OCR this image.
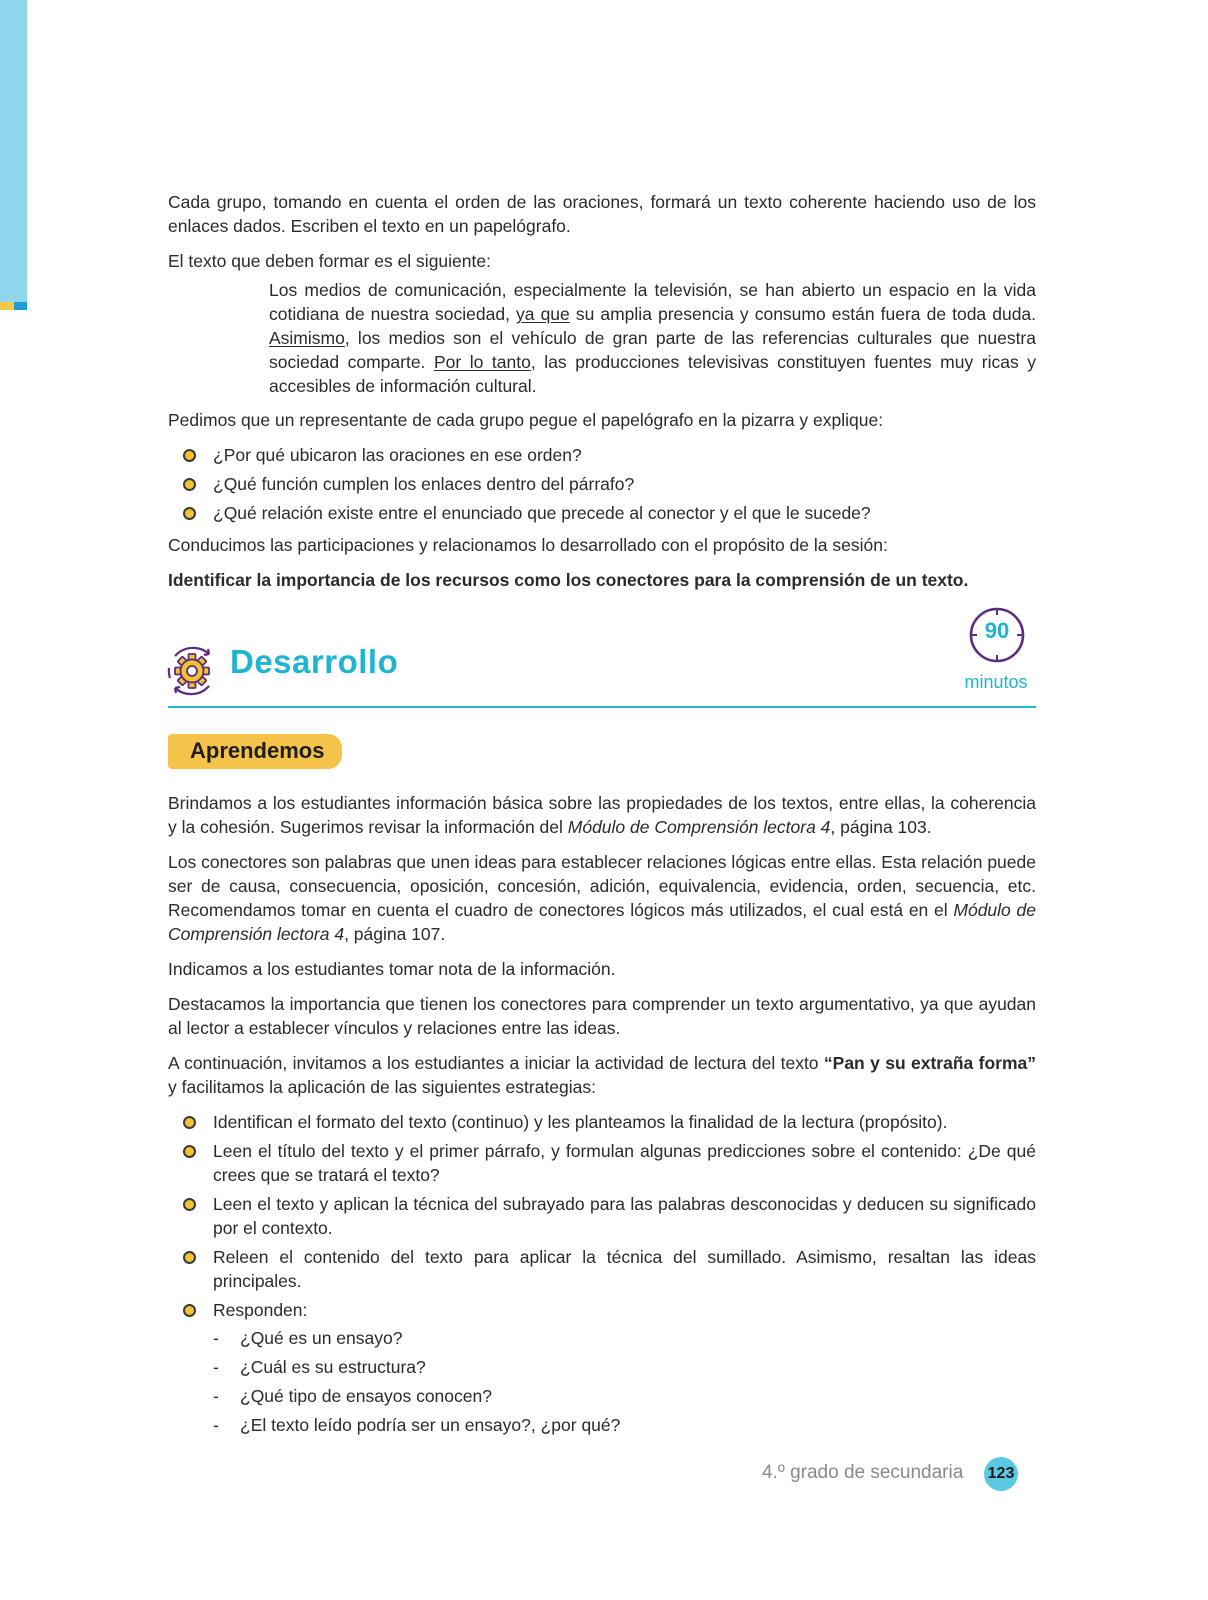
Cada grupo, tomando en cuenta el orden de las oraciones, formará un texto coherente haciendo uso de los enlaces dados. Escriben el texto en un papelógrafo.

El texto que deben formar es el siguiente:

Los medios de comunicación, especialmente la televisión, se han abierto un espacio en la vida cotidiana de nuestra sociedad, ya que su amplia presencia y consumo están fuera de toda duda. Asimismo, los medios son el vehículo de gran parte de las referencias culturales que nuestra sociedad comparte. Por lo tanto, las producciones televisivas constituyen fuentes muy ricas y accesibles de información cultural.

Pedimos que un representante de cada grupo pegue el papelógrafo en la pizarra y explique:

¿Por qué ubicaron las oraciones en ese orden?
¿Qué función cumplen los enlaces dentro del párrafo?
¿Qué relación existe entre el enunciado que precede al conector y el que le sucede?

Conducimos las participaciones y relacionamos lo desarrollado con el propósito de la sesión:

Identificar la importancia de los recursos como los conectores para la comprensión de un texto.

Desarrollo
90
minutos
Aprendemos

Brindamos a los estudiantes información básica sobre las propiedades de los textos, entre ellas, la coherencia y la cohesión. Sugerimos revisar la información del Módulo de Comprensión lectora 4, página 103.

Los conectores son palabras que unen ideas para establecer relaciones lógicas entre ellas. Esta relación puede ser de causa, consecuencia, oposición, concesión, adición, equivalencia, evidencia, orden, secuencia, etc. Recomendamos tomar en cuenta el cuadro de conectores lógicos más utilizados, el cual está en el Módulo de Comprensión lectora 4, página 107.

Indicamos a los estudiantes tomar nota de la información.

Destacamos la importancia que tienen los conectores para comprender un texto argumentativo, ya que ayudan al lector a establecer vínculos y relaciones entre las ideas.

A continuación, invitamos a los estudiantes a iniciar la actividad de lectura del texto “Pan y su extraña forma” y facilitamos la aplicación de las siguientes estrategias:

Identifican el formato del texto (continuo) y les planteamos la finalidad de la lectura (propósito).
Leen el título del texto y el primer párrafo, y formulan algunas predicciones sobre el contenido: ¿De qué crees que se tratará el texto?
Leen el texto y aplican la técnica del subrayado para las palabras desconocidas y deducen su significado por el contexto.
Releen el contenido del texto para aplicar la técnica del sumillado. Asimismo, resaltan las ideas principales.
Responden:
- ¿Qué es un ensayo?
- ¿Cuál es su estructura?
- ¿Qué tipo de ensayos conocen?
- ¿El texto leído podría ser un ensayo?, ¿por qué?
4.º grado de secundaria 123
